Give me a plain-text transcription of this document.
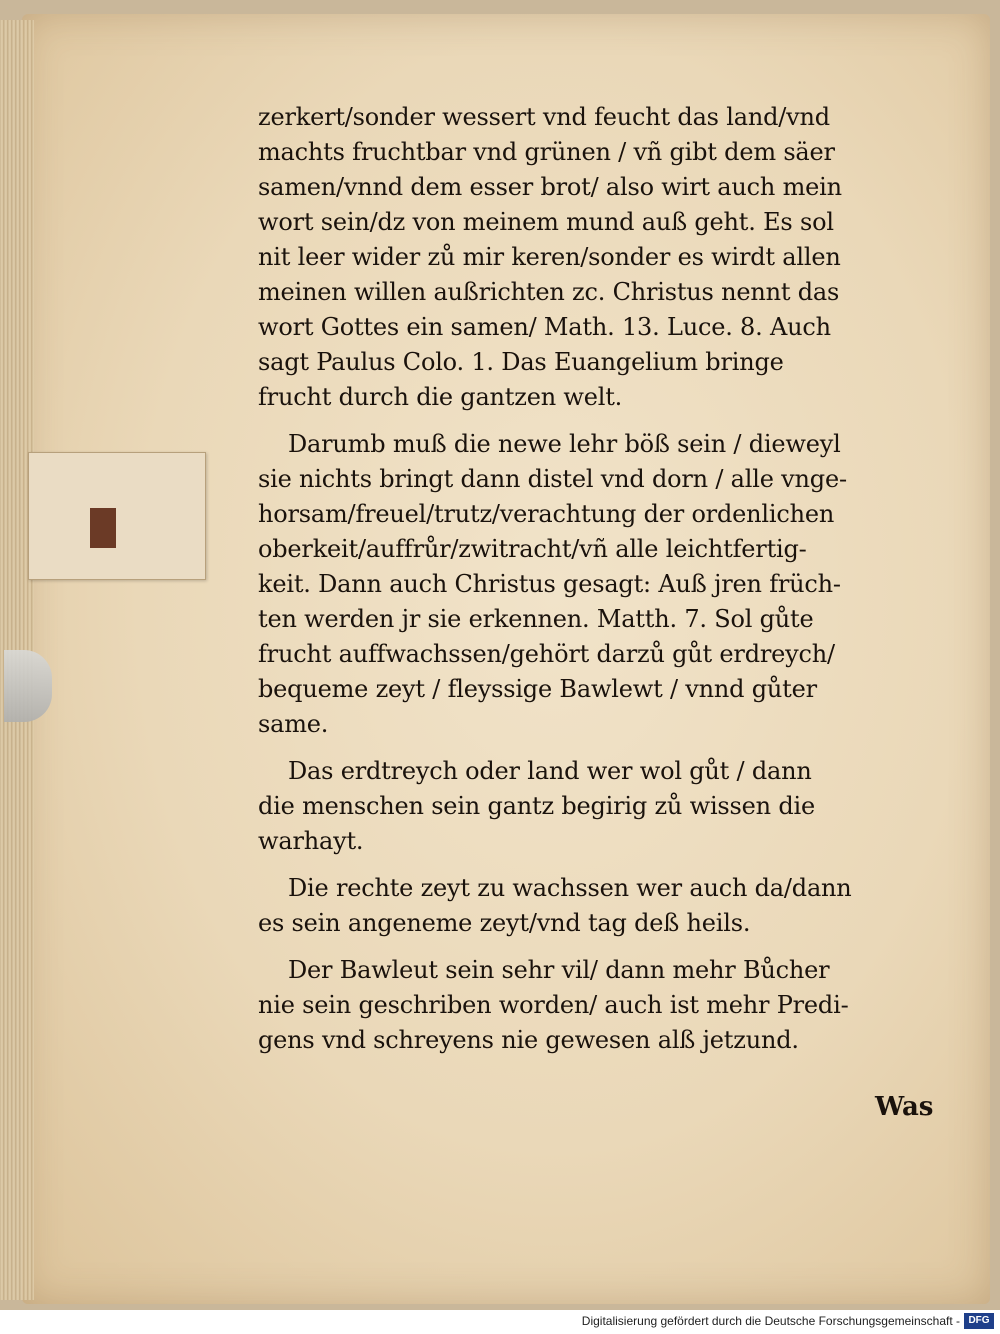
zerkert/sonder wessert vnd feucht das land/vnd
machts fruchtbar vnd grünen / vñ gibt dem säer
samen/vnnd dem esser brot/ also wirt auch mein
wort sein/dz von meinem mund auß geht. Es sol
nit leer wider zů mir keren/sonder es wirdt allen
meinen willen außrichten zc. Christus nennt das
wort Gottes ein samen/ Math. 13. Luce. 8. Auch
sagt Paulus Colo. 1. Das Euangelium bringe
frucht durch die gantzen welt.
Darumb muß die newe lehr böß sein / dieweyl
sie nichts bringt dann distel vnd dorn / alle vnge-
horsam/freuel/trutz/verachtung der ordenlichen
oberkeit/auffrůr/zwitracht/vñ alle leichtfertig-
keit. Dann auch Christus gesagt: Auß jren früch-
ten werden jr sie erkennen. Matth. 7. Sol gůte
frucht auffwachssen/gehört darzů gůt erdreych/
bequeme zeyt / fleyssige Bawlewt / vnnd gůter
same.
Das erdtreych oder land wer wol gůt / dann
die menschen sein gantz begirig zů wissen die
warhayt.
Die rechte zeyt zu wachssen wer auch da/dann
es sein angeneme zeyt/vnd tag deß heils.
Der Bawleut sein sehr vil/ dann mehr Bůcher
nie sein geschriben worden/ auch ist mehr Predi-
gens vnd schreyens nie gewesen alß jetzund.
Was
Digitalisierung gefördert durch die Deutsche Forschungsgemeinschaft - DFG
